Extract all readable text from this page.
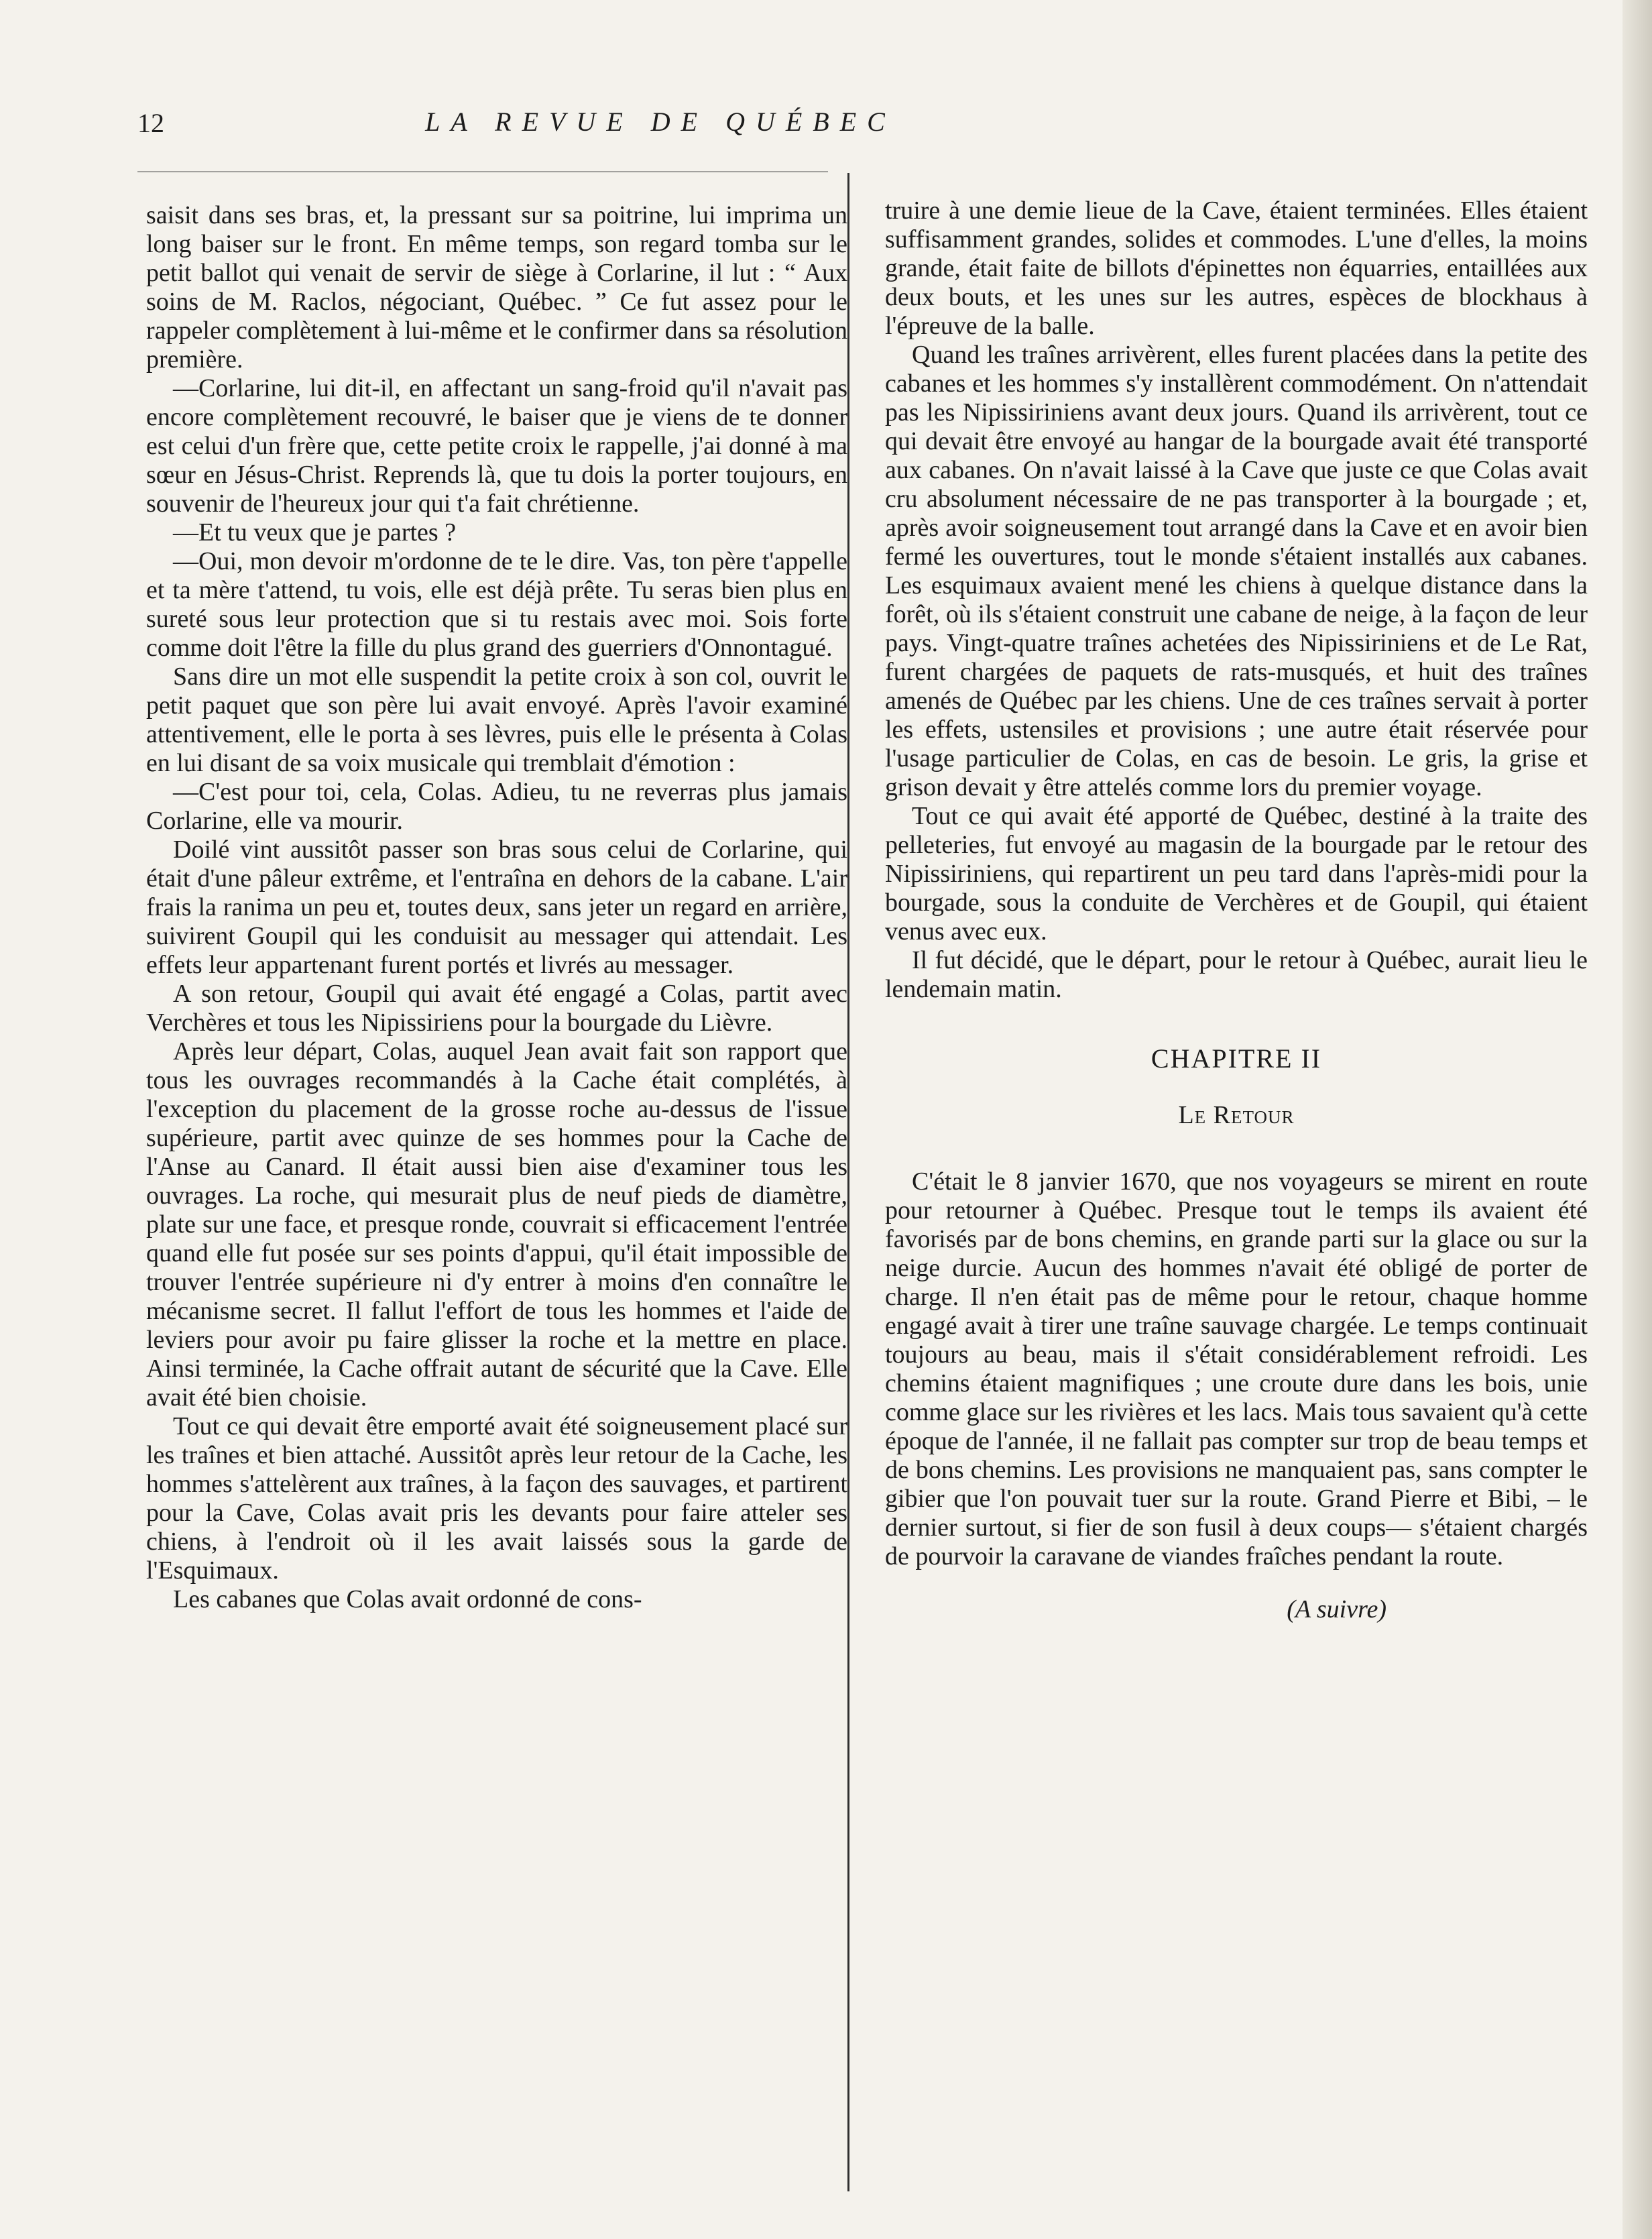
12	LA REVUE DE QUÉBEC

saisit dans ses bras, et, la pressant sur sa poitrine, lui imprima un long baiser sur le front. En même temps, son regard tomba sur le petit ballot qui venait de servir de siège à Corlarine, il lut : “ Aux soins de M. Raclos, négociant, Québec. ” Ce fut assez pour le rappeler complètement à lui-même et le confirmer dans sa résolution première.

—Corlarine, lui dit-il, en affectant un sang-froid qu'il n'avait pas encore complètement recouvré, le baiser que je viens de te donner est celui d'un frère que, cette petite croix le rappelle, j'ai donné à ma sœur en Jésus-Christ. Reprends là, que tu dois la porter toujours, en souvenir de l'heureux jour qui t'a fait chrétienne.

—Et tu veux que je partes ?

—Oui, mon devoir m'ordonne de te le dire. Vas, ton père t'appelle et ta mère t'attend, tu vois, elle est déjà prête. Tu seras bien plus en sureté sous leur protection que si tu restais avec moi. Sois forte comme doit l'être la fille du plus grand des guerriers d'Onnontagué.

Sans dire un mot elle suspendit la petite croix à son col, ouvrit le petit paquet que son père lui avait envoyé. Après l'avoir examiné attentivement, elle le porta à ses lèvres, puis elle le présenta à Colas en lui disant de sa voix musicale qui tremblait d'émotion :

—C'est pour toi, cela, Colas. Adieu, tu ne reverras plus jamais Corlarine, elle va mourir.

Doilé vint aussitôt passer son bras sous celui de Corlarine, qui était d'une pâleur extrême, et l'entraîna en dehors de la cabane. L'air frais la ranima un peu et, toutes deux, sans jeter un regard en arrière, suivirent Goupil qui les conduisit au messager qui attendait. Les effets leur appartenant furent portés et livrés au messager.

A son retour, Goupil qui avait été engagé a Colas, partit avec Verchères et tous les Nipissiriens pour la bourgade du Lièvre.

Après leur départ, Colas, auquel Jean avait fait son rapport que tous les ouvrages recommandés à la Cache était complétés, à l'exception du placement de la grosse roche au-dessus de l'issue supérieure, partit avec quinze de ses hommes pour la Cache de l'Anse au Canard. Il était aussi bien aise d'examiner tous les ouvrages. La roche, qui mesurait plus de neuf pieds de diamètre, plate sur une face, et presque ronde, couvrait si efficacement l'entrée quand elle fut posée sur ses points d'appui, qu'il était impossible de trouver l'entrée supérieure ni d'y entrer à moins d'en connaître le mécanisme secret. Il fallut l'effort de tous les hommes et l'aide de leviers pour avoir pu faire glisser la roche et la mettre en place. Ainsi terminée, la Cache offrait autant de sécurité que la Cave. Elle avait été bien choisie.

Tout ce qui devait être emporté avait été soigneusement placé sur les traînes et bien attaché. Aussitôt après leur retour de la Cache, les hommes s'attelèrent aux traînes, à la façon des sauvages, et partirent pour la Cave, Colas avait pris les devants pour faire atteler ses chiens, à l'endroit où il les avait laissés sous la garde de l'Esquimaux.

Les cabanes que Colas avait ordonné de cons-

truire à une demie lieue de la Cave, étaient terminées. Elles étaient suffisamment grandes, solides et commodes. L'une d'elles, la moins grande, était faite de billots d'épinettes non équarries, entaillées aux deux bouts, et les unes sur les autres, espèces de blockhaus à l'épreuve de la balle.

Quand les traînes arrivèrent, elles furent placées dans la petite des cabanes et les hommes s'y installèrent commodément. On n'attendait pas les Nipissiriniens avant deux jours. Quand ils arrivèrent, tout ce qui devait être envoyé au hangar de la bourgade avait été transporté aux cabanes. On n'avait laissé à la Cave que juste ce que Colas avait cru absolument nécessaire de ne pas transporter à la bourgade ; et, après avoir soigneusement tout arrangé dans la Cave et en avoir bien fermé les ouvertures, tout le monde s'étaient installés aux cabanes. Les esquimaux avaient mené les chiens à quelque distance dans la forêt, où ils s'étaient construit une cabane de neige, à la façon de leur pays. Vingt-quatre traînes achetées des Nipissiriniens et de Le Rat, furent chargées de paquets de rats-musqués, et huit des traînes amenés de Québec par les chiens. Une de ces traînes servait à porter les effets, ustensiles et provisions ; une autre était réservée pour l'usage particulier de Colas, en cas de besoin. Le gris, la grise et grison devait y être attelés comme lors du premier voyage.

Tout ce qui avait été apporté de Québec, destiné à la traite des pelleteries, fut envoyé au magasin de la bourgade par le retour des Nipissiriniens, qui repartirent un peu tard dans l'après-midi pour la bourgade, sous la conduite de Verchères et de Goupil, qui étaient venus avec eux.

Il fut décidé, que le départ, pour le retour à Québec, aurait lieu le lendemain matin.

CHAPITRE II
Le Retour

C'était le 8 janvier 1670, que nos voyageurs se mirent en route pour retourner à Québec. Presque tout le temps ils avaient été favorisés par de bons chemins, en grande parti sur la glace ou sur la neige durcie. Aucun des hommes n'avait été obligé de porter de charge. Il n'en était pas de même pour le retour, chaque homme engagé avait à tirer une traîne sauvage chargée. Le temps continuait toujours au beau, mais il s'était considérablement refroidi. Les chemins étaient magnifiques ; une croute dure dans les bois, unie comme glace sur les rivières et les lacs. Mais tous savaient qu'à cette époque de l'année, il ne fallait pas compter sur trop de beau temps et de bons chemins. Les provisions ne manquaient pas, sans compter le gibier que l'on pouvait tuer sur la route. Grand Pierre et Bibi, – le dernier surtout, si fier de son fusil à deux coups— s'étaient chargés de pourvoir la caravane de viandes fraîches pendant la route.

(A suivre)
